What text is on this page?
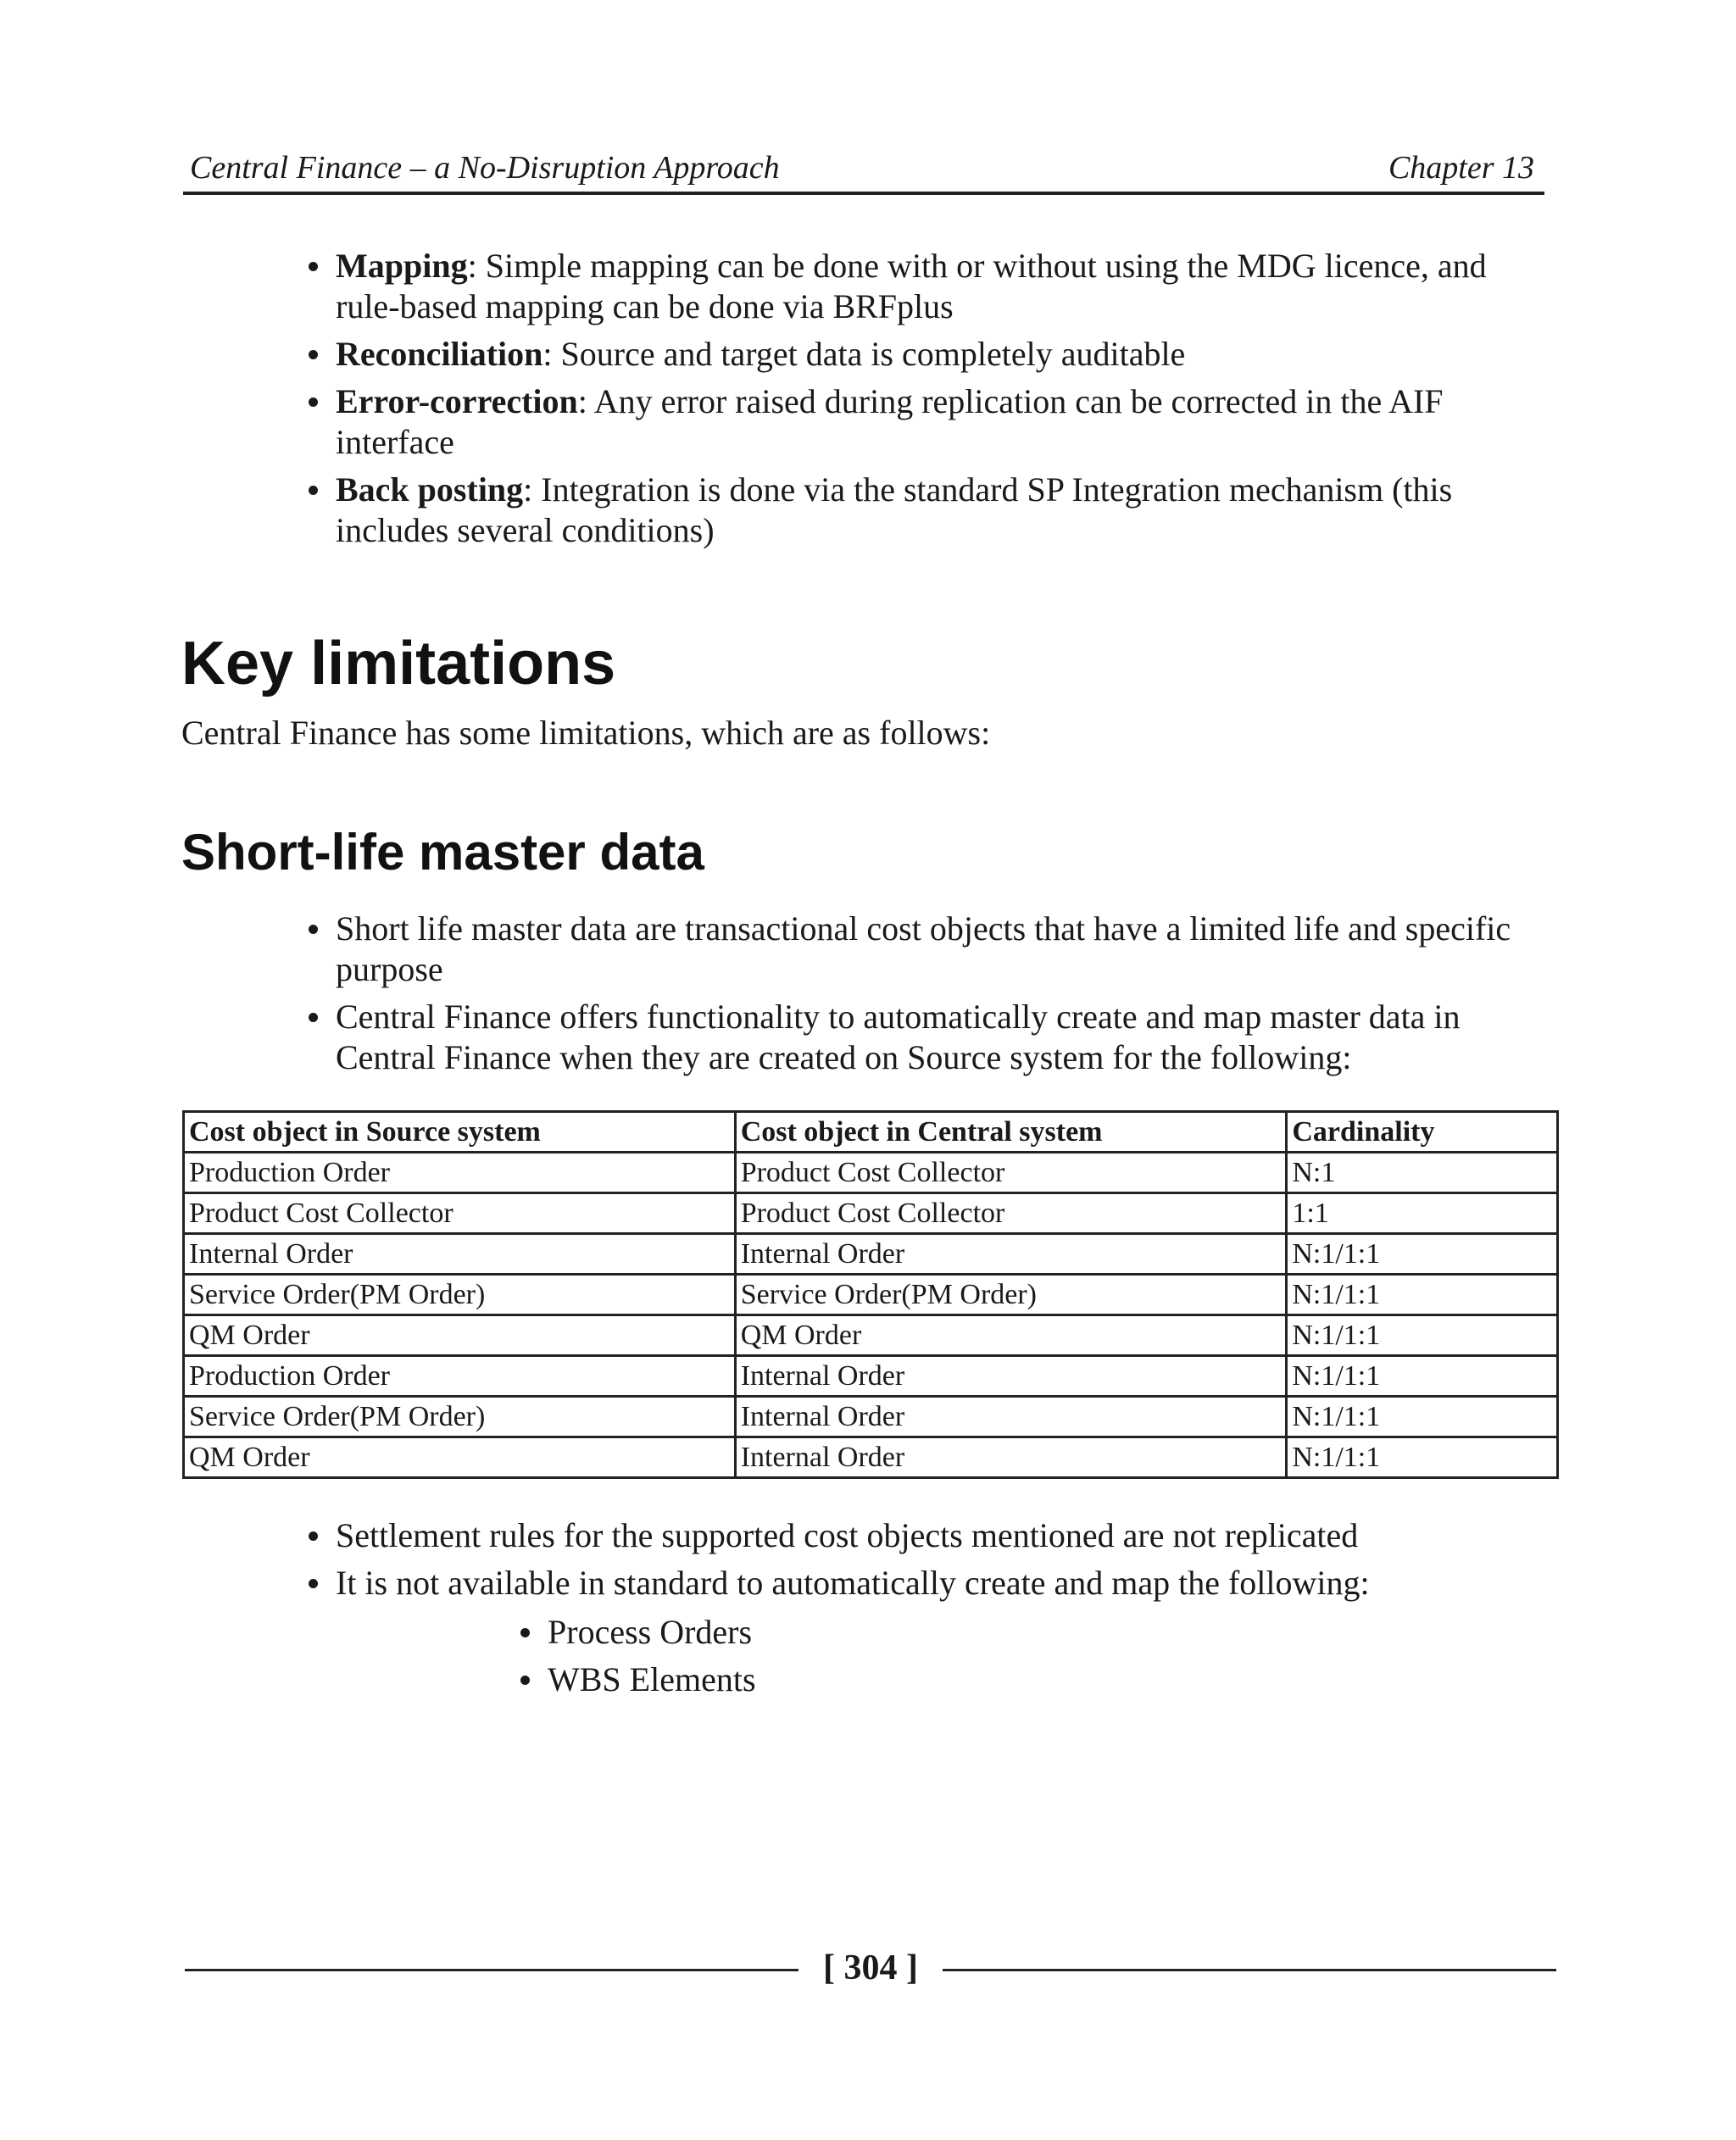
Central Finance – a No-Disruption Approach	Chapter 13
Mapping: Simple mapping can be done with or without using the MDG licence, and rule-based mapping can be done via BRFplus
Reconciliation: Source and target data is completely auditable
Error-correction: Any error raised during replication can be corrected in the AIF interface
Back posting: Integration is done via the standard SP Integration mechanism (this includes several conditions)
Key limitations
Central Finance has some limitations, which are as follows:
Short-life master data
Short life master data are transactional cost objects that have a limited life and specific purpose
Central Finance offers functionality to automatically create and map master data in Central Finance when they are created on Source system for the following:
Cost object in Source system	Cost object in Central system	Cardinality
Production Order	Product Cost Collector	N:1
Product Cost Collector	Product Cost Collector	1:1
Internal Order	Internal Order	N:1/1:1
Service Order(PM Order)	Service Order(PM Order)	N:1/1:1
QM Order	QM Order	N:1/1:1
Production Order	Internal Order	N:1/1:1
Service Order(PM Order)	Internal Order	N:1/1:1
QM Order	Internal Order	N:1/1:1
Settlement rules for the supported cost objects mentioned are not replicated
It is not available in standard to automatically create and map the following:
Process Orders
WBS Elements
[ 304 ]
